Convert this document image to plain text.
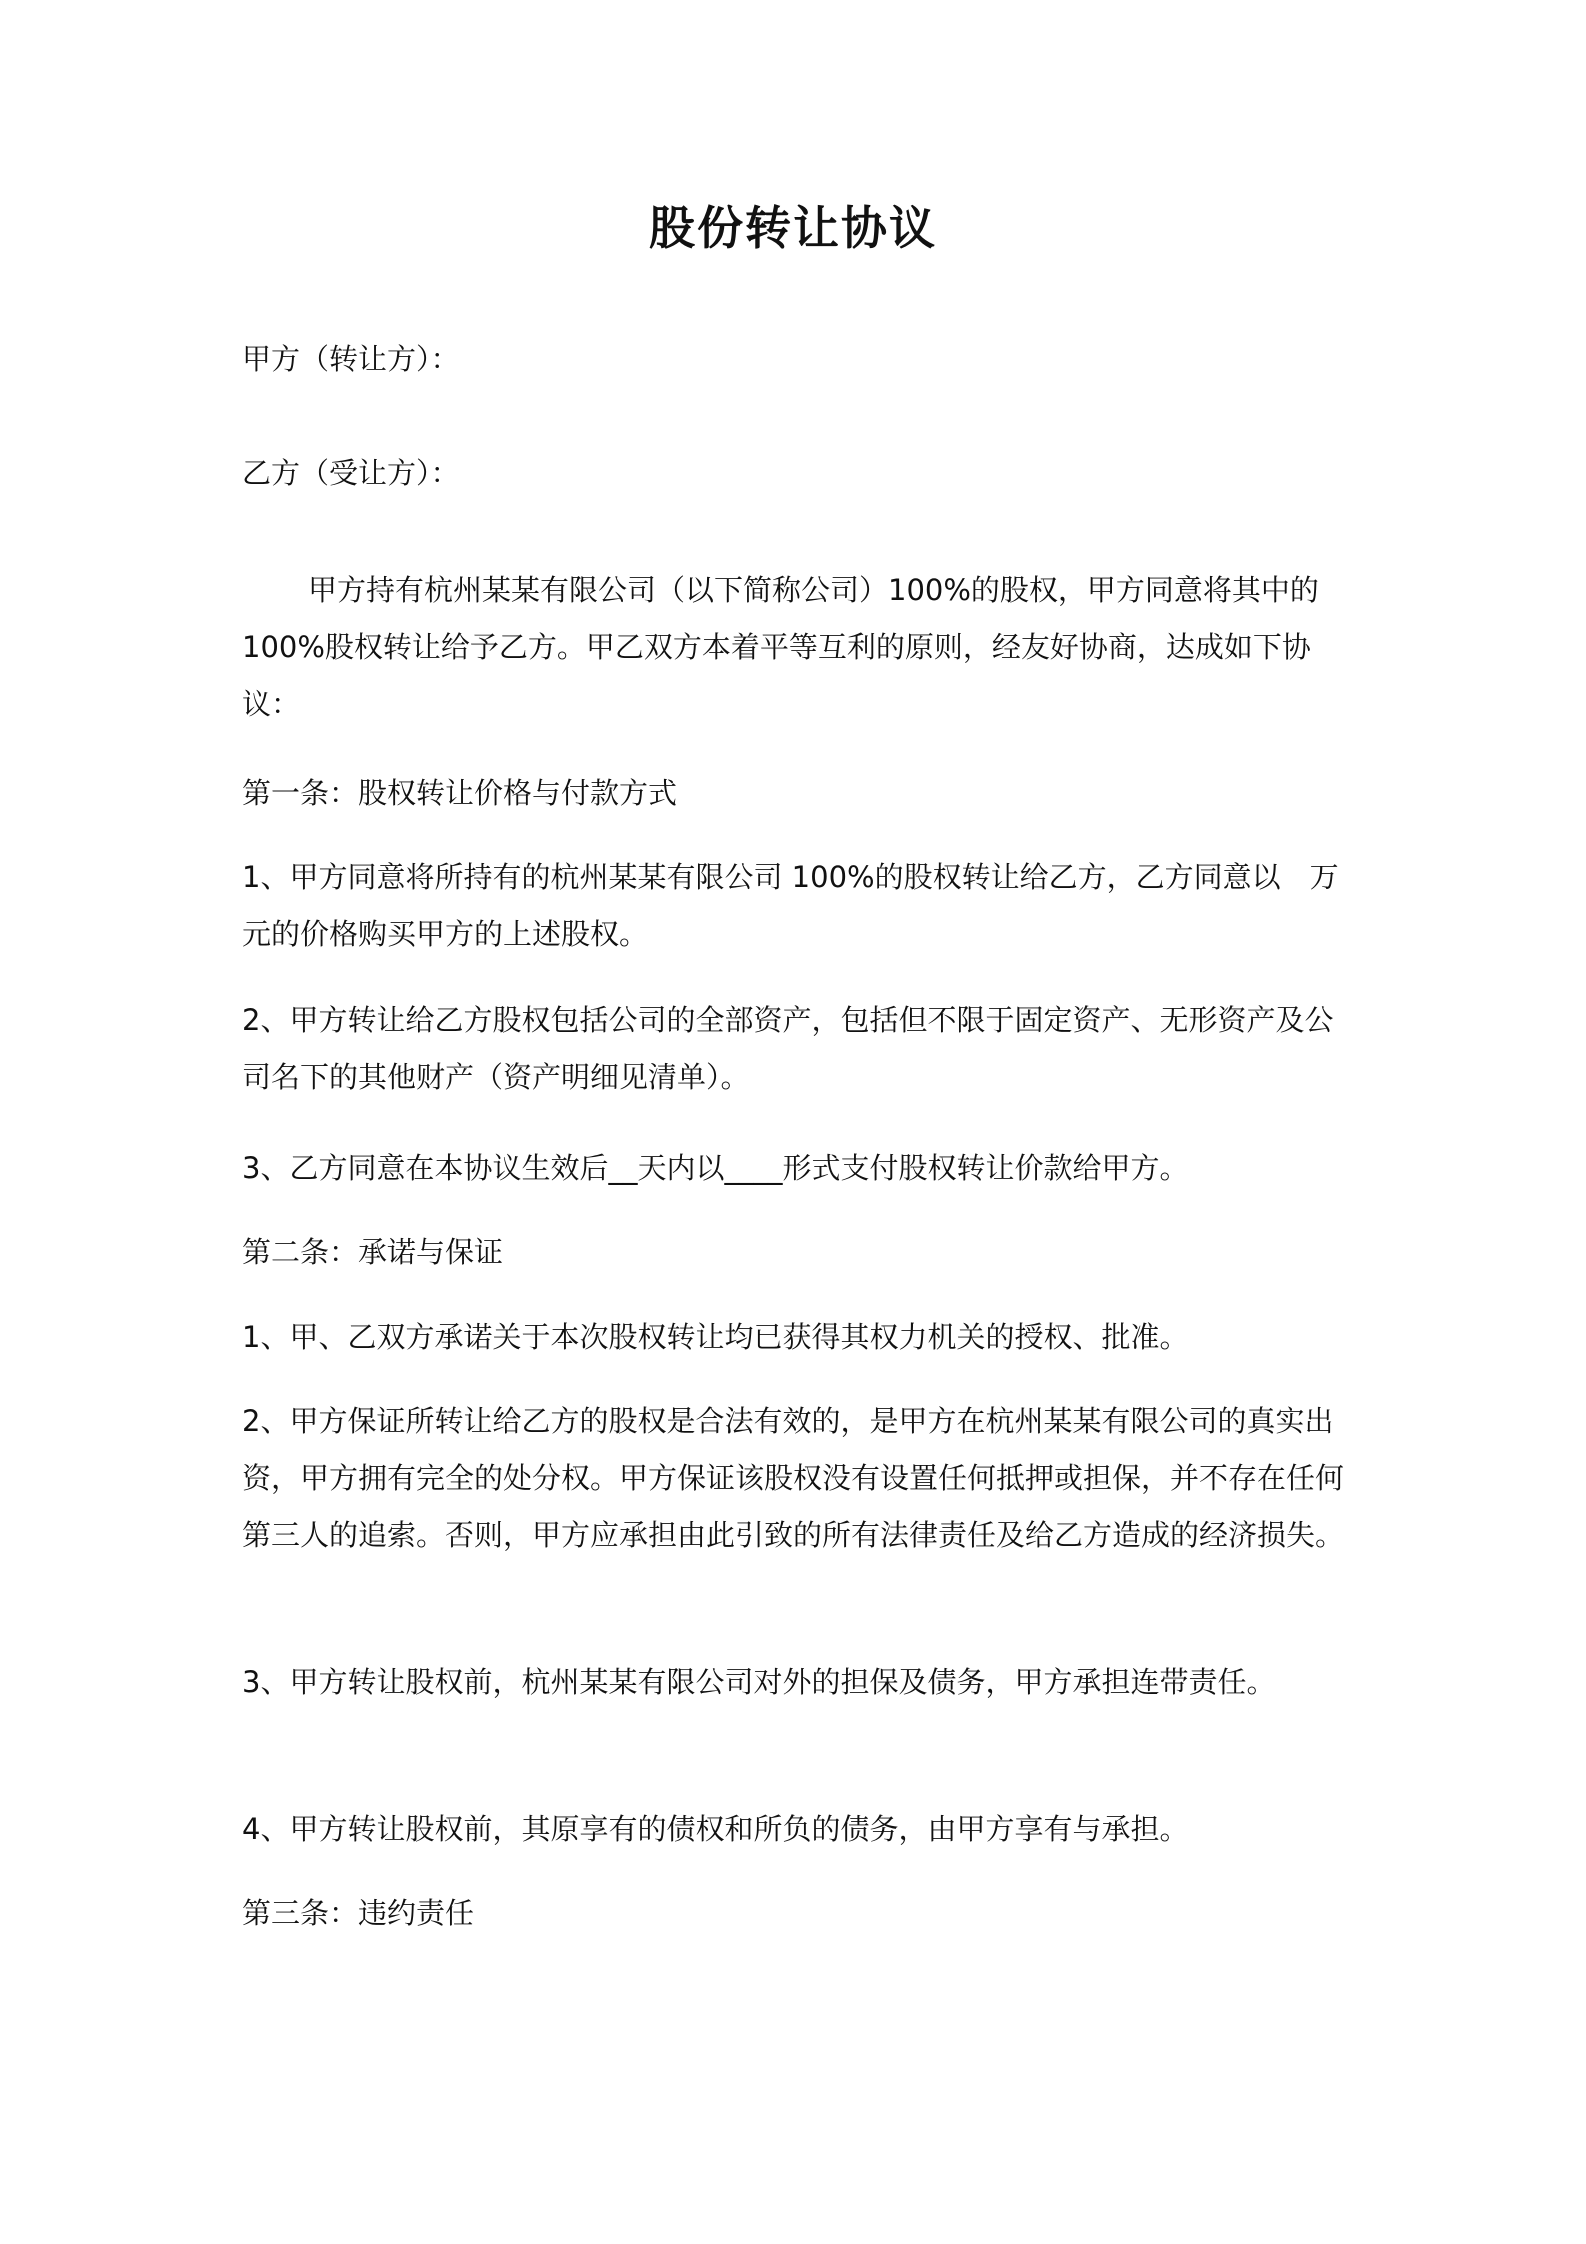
股份转让协议

甲方（转让方）：

乙方（受让方）：

甲方持有杭州某某有限公司（以下简称公司）100%的股权，甲方同意将其中的 100%股权转让给予乙方。甲乙双方本着平等互利的原则，经友好协商，达成如下协议：

第一条：股权转让价格与付款方式

1、甲方同意将所持有的杭州某某有限公司 100%的股权转让给乙方，乙方同意以　万元的价格购买甲方的上述股权。

2、甲方转让给乙方股权包括公司的全部资产，包括但不限于固定资产、无形资产及公司名下的其他财产（资产明细见清单）。

3、乙方同意在本协议生效后__天内以____形式支付股权转让价款给甲方。

第二条：承诺与保证

1、甲、乙双方承诺关于本次股权转让均已获得其权力机关的授权、批准。

2、甲方保证所转让给乙方的股权是合法有效的，是甲方在杭州某某有限公司的真实出资，甲方拥有完全的处分权。甲方保证该股权没有设置任何抵押或担保，并不存在任何第三人的追索。否则，甲方应承担由此引致的所有法律责任及给乙方造成的经济损失。

3、甲方转让股权前，杭州某某有限公司对外的担保及债务，甲方承担连带责任。

4、甲方转让股权前，其原享有的债权和所负的债务，由甲方享有与承担。

第三条：违约责任
